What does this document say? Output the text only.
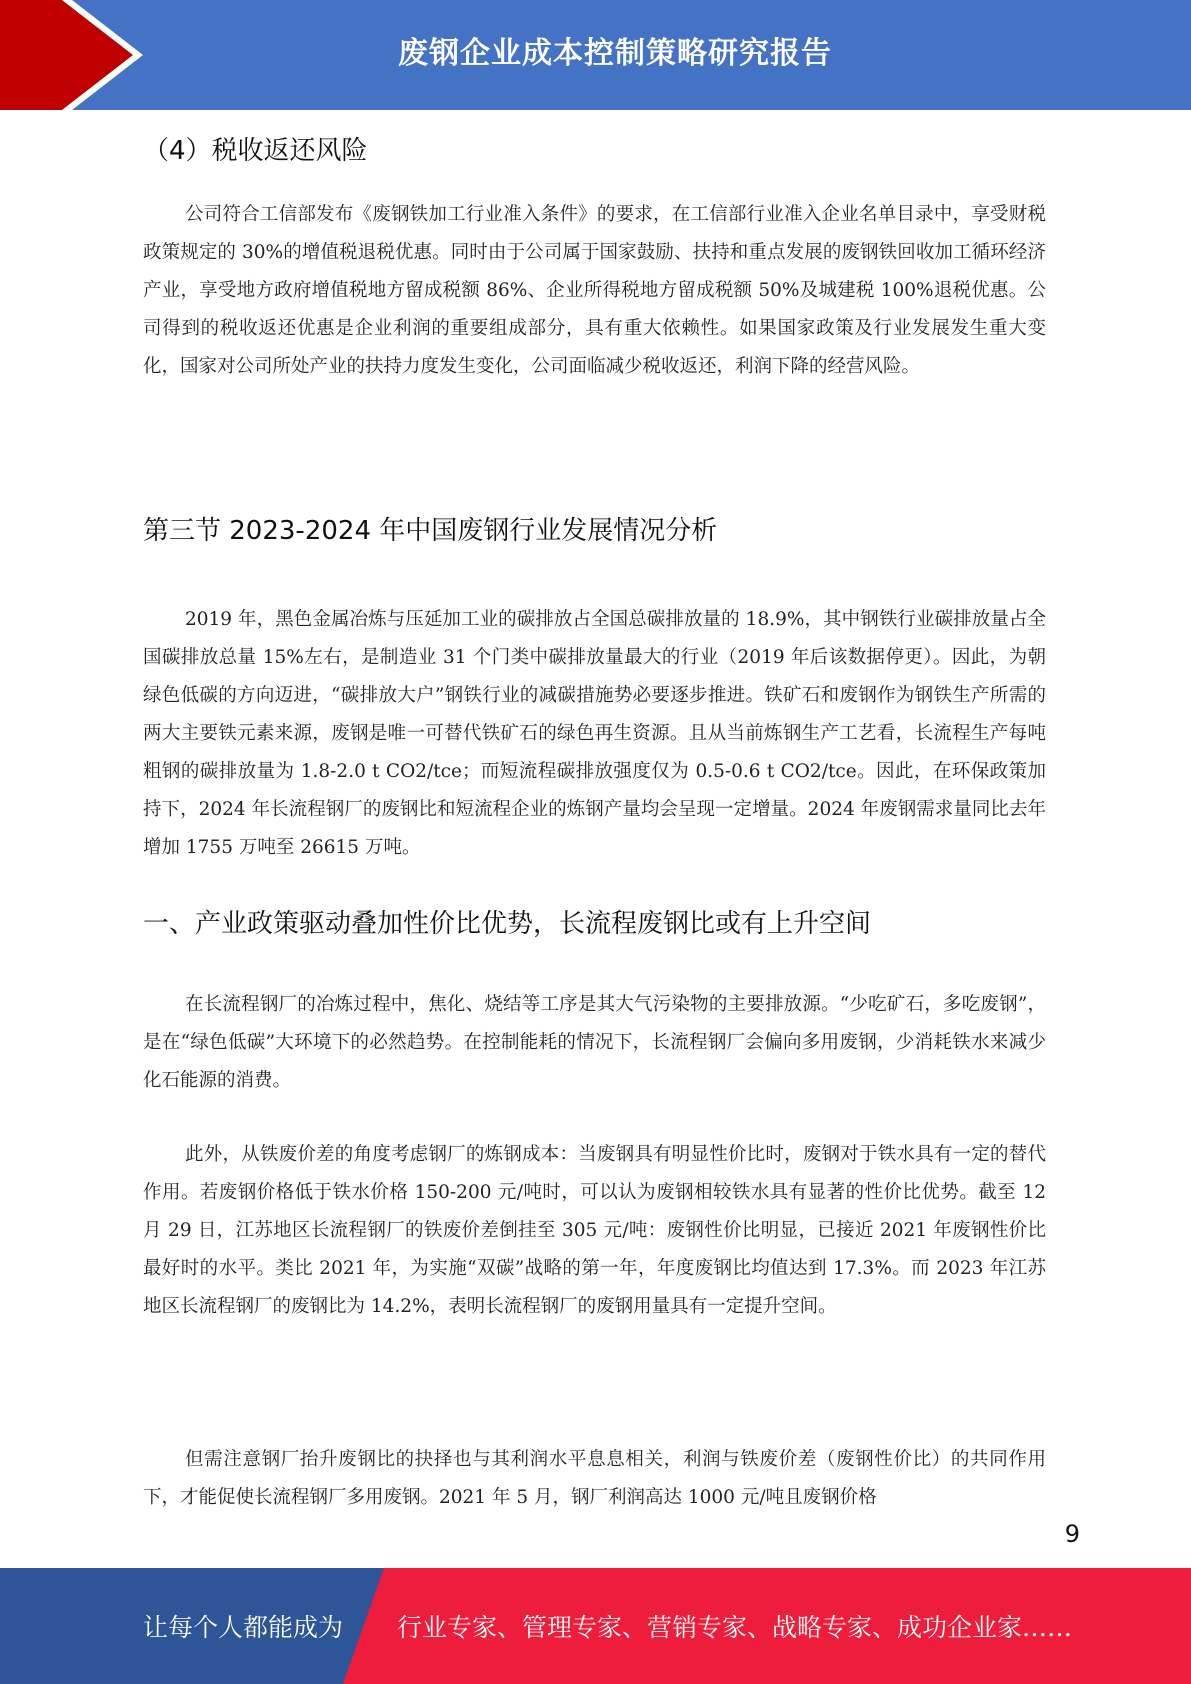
废钢企业成本控制策略研究报告
（4）税收返还风险

公司符合工信部发布《废钢铁加工行业准入条件》的要求，在工信部行业准入企业名单目录中，享受财税政策规定的 30%的增值税退税优惠。同时由于公司属于国家鼓励、扶持和重点发展的废钢铁回收加工循环经济产业，享受地方政府增值税地方留成税额 86%、企业所得税地方留成税额 50%及城建税 100%退税优惠。公司得到的税收返还优惠是企业利润的重要组成部分，具有重大依赖性。如果国家政策及行业发展发生重大变化，国家对公司所处产业的扶持力度发生变化，公司面临减少税收返还，利润下降的经营风险。

第三节 2023-2024 年中国废钢行业发展情况分析

2019 年，黑色金属冶炼与压延加工业的碳排放占全国总碳排放量的 18.9%，其中钢铁行业碳排放量占全国碳排放总量 15%左右，是制造业 31 个门类中碳排放量最大的行业（2019 年后该数据停更）。因此，为朝绿色低碳的方向迈进，“碳排放大户”钢铁行业的减碳措施势必要逐步推进。铁矿石和废钢作为钢铁生产所需的两大主要铁元素来源，废钢是唯一可替代铁矿石的绿色再生资源。且从当前炼钢生产工艺看，长流程生产每吨粗钢的碳排放量为 1.8-2.0 t CO2/tce；而短流程碳排放强度仅为 0.5-0.6 t CO2/tce。因此，在环保政策加持下，2024 年长流程钢厂的废钢比和短流程企业的炼钢产量均会呈现一定增量。2024 年废钢需求量同比去年增加 1755 万吨至 26615 万吨。

一、产业政策驱动叠加性价比优势，长流程废钢比或有上升空间

在长流程钢厂的冶炼过程中，焦化、烧结等工序是其大气污染物的主要排放源。“少吃矿石，多吃废钢”，是在“绿色低碳”大环境下的必然趋势。在控制能耗的情况下，长流程钢厂会偏向多用废钢，少消耗铁水来减少化石能源的消费。

此外，从铁废价差的角度考虑钢厂的炼钢成本：当废钢具有明显性价比时，废钢对于铁水具有一定的替代作用。若废钢价格低于铁水价格 150-200 元/吨时，可以认为废钢相较铁水具有显著的性价比优势。截至 12 月 29 日，江苏地区长流程钢厂的铁废价差倒挂至 305 元/吨：废钢性价比明显，已接近 2021 年废钢性价比最好时的水平。类比 2021 年，为实施“双碳”战略的第一年，年度废钢比均值达到 17.3%。而 2023 年江苏地区长流程钢厂的废钢比为 14.2%，表明长流程钢厂的废钢用量具有一定提升空间。

但需注意钢厂抬升废钢比的抉择也与其利润水平息息相关，利润与铁废价差（废钢性价比）的共同作用下，才能促使长流程钢厂多用废钢。2021 年 5 月，钢厂利润高达 1000 元/吨且废钢价格

9
让每个人都能成为 行业专家、管理专家、营销专家、战略专家、成功企业家……
